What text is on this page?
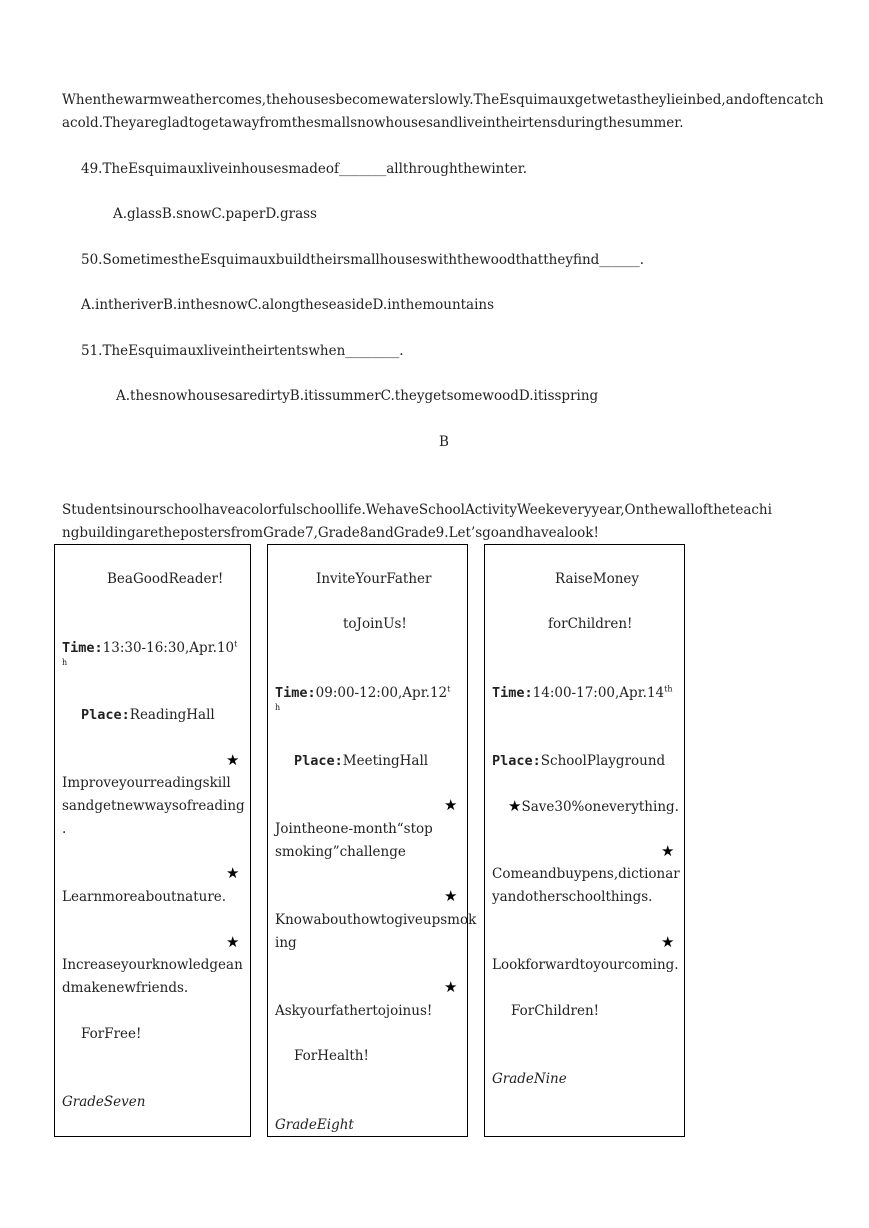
Whenthewarmweathercomes,thehousesbecomewaterslowly.TheEsquimauxgetwetastheylieinbed,andoftencatch
acold.Theyaregladtogetawayfromthesmallsnowhousesandliveintheirtensduringthesummer.
49.TheEsquimauxliveinhousesmadeof_______allthroughthewinter.
A.glassB.snowC.paperD.grass
50.SometimestheEsquimauxbuildtheirsmallhouseswiththewoodthattheyfind______.
A.intheriverB.inthesnowC.alongtheseasideD.inthemountains
51.TheEsquimauxliveintheirtentswhen________.
A.thesnowhousesaredirtyB.itissummerC.theygetsomewoodD.itisspring
B
Studentsinourschoolhaveacolorfulschoollife.WehaveSchoolActivityWeekeveryyear,Onthewalloftheteachi
ngbuildingarethepostersfromGrade7,Grade8andGrade9.Let’sgoandhavealook!
BeaGoodReader!
Time:13:30-16:30,Apr.10$^t$
h
Place:ReadingHall
★
Improveyourreadingskill
sandgetnewwaysofreading
.
★
Learnmoreaboutnature.
★
Increaseyourknowledgean
dmakenewfriends.
ForFree!
GradeSeven
InviteYourFather
toJoinUs!
Time:09:00-12:00,Apr.12$^t$
h
Place:MeetingHall
★
Jointheone-month“stop
smoking”challenge
★
Knowabouthowtogiveupsmok
ing
★
Askyourfathertojoinus!
ForHealth!
GradeEight
RaiseMoney
forChildren!
Time:14:00-17:00,Apr.14th
Place:SchoolPlayground
★Save30%oneverything.
★
Comeandbuypens,dictionar
yandotherschoolthings.
★
Lookforwardtoyourcoming.
ForChildren!
GradeNine
